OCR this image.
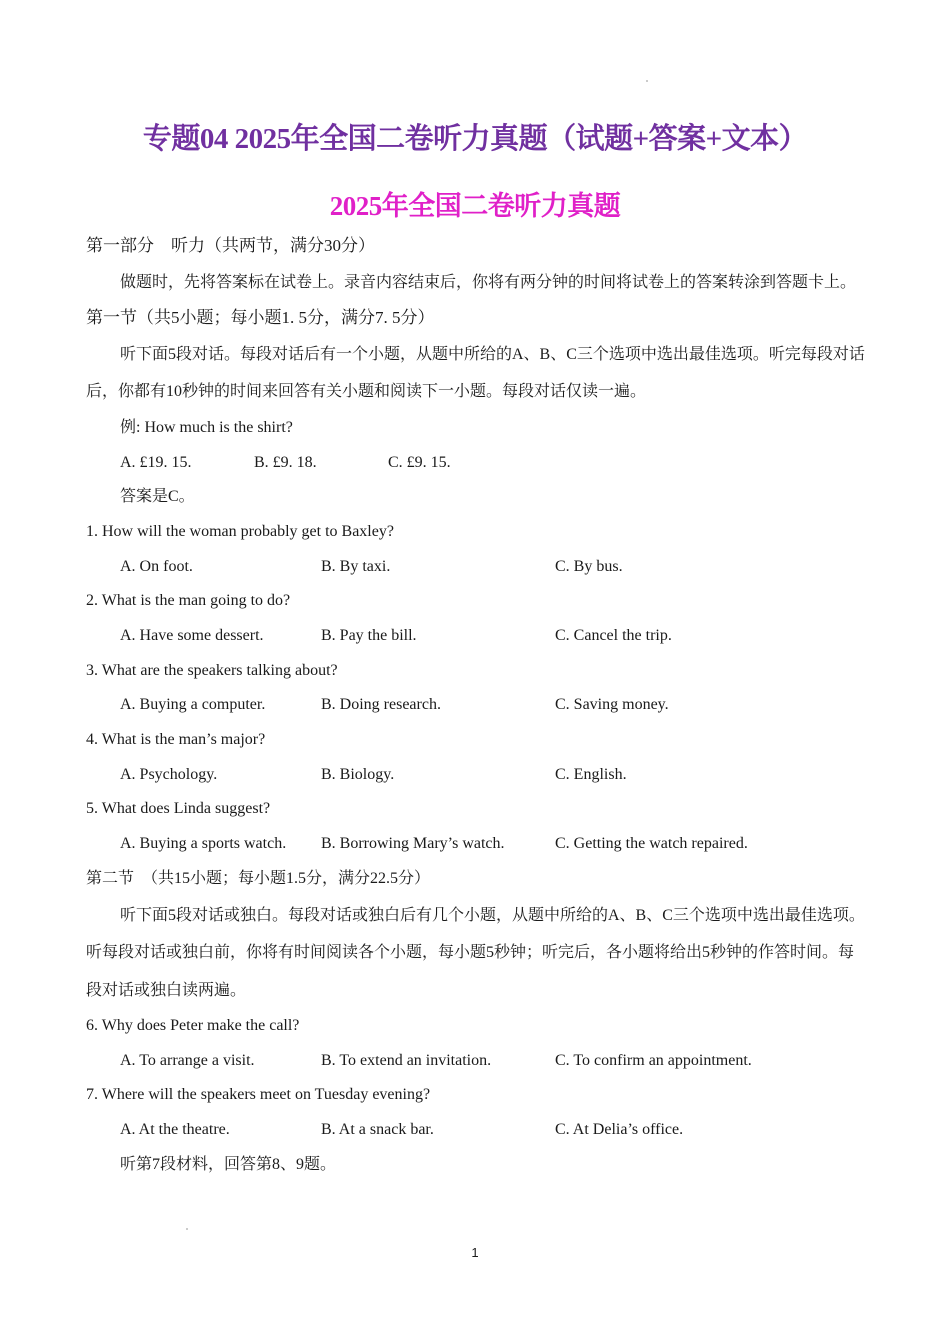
专题04 2025年全国二卷听力真题（试题+答案+文本）
2025年全国二卷听力真题
第一部分　听力（共两节，满分30分）

做题时，先将答案标在试卷上。录音内容结束后，你将有两分钟的时间将试卷上的答案转涂到答题卡上。

第一节（共5小题；每小题1. 5分，满分7. 5分）

听下面5段对话。每段对话后有一个小题，从题中所给的A、B、C三个选项中选出最佳选项。听完每段对话后，你都有10秒钟的时间来回答有关小题和阅读下一小题。每段对话仅读一遍。

例: How much is the shirt?
A. £19. 15.	B. £9. 18.	C. £9. 15.
答案是C。
1. How will the woman probably get to Baxley?
A. On foot.	B. By taxi.	C. By bus.
2. What is the man going to do?
A. Have some dessert.	B. Pay the bill.	C. Cancel the trip.
3. What are the speakers talking about?
A. Buying a computer.	B. Doing research.	C. Saving money.
4. What is the man’s major?
A. Psychology.	B. Biology.	C. English.
5. What does Linda suggest?
A. Buying a sports watch. B. Borrowing Mary’s watch.	C. Getting the watch repaired.
第二节　（共15小题；每小题1.5分，满分22.5分）

听下面5段对话或独白。每段对话或独白后有几个小题，从题中所给的A、B、C三个选项中选出最佳选项。听每段对话或独白前，你将有时间阅读各个小题，每小题5秒钟；听完后，各小题将给出5秒钟的作答时间。每段对话或独白读两遍。

6. Why does Peter make the call?
A. To arrange a visit.	B. To extend an invitation.	C. To confirm an appointment.
7. Where will the speakers meet on Tuesday evening?
A. At the theatre.	B. At a snack bar.	C. At Delia’s office.
听第7段材料，回答第8、9题。
1
